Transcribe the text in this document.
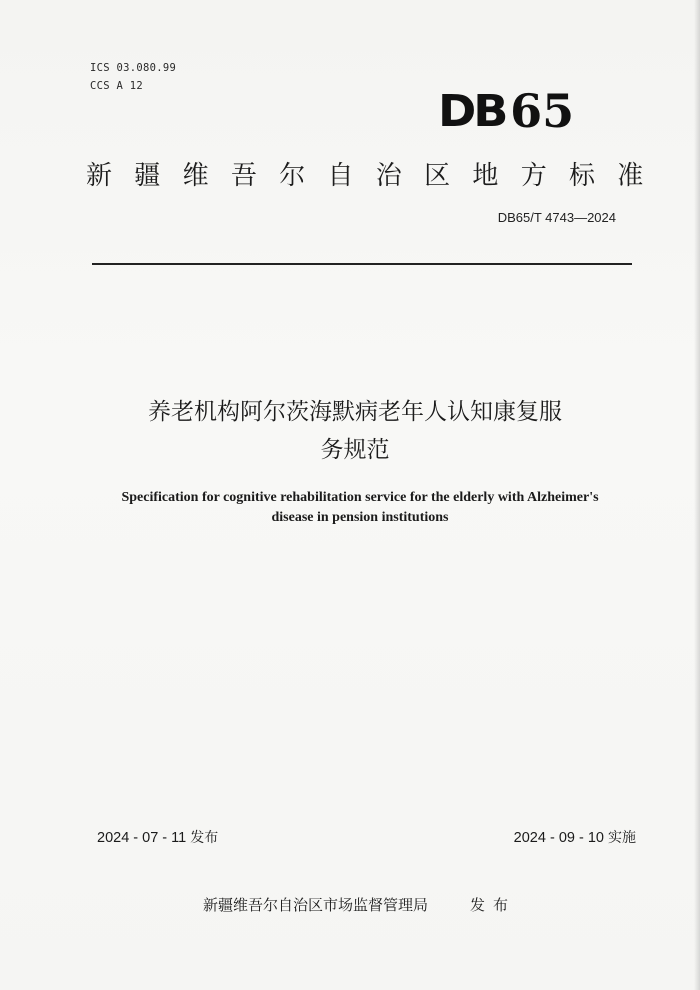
ICS 03.080.99
CCS A 12	DB 65
新疆维吾尔自治区地方标准
DB65/T 4743—2024
养老机构阿尔茨海默病老年人认知康复服
务规范
Specification for cognitive rehabilitation service for the elderly with Alzheimer's
disease in pension institutions
2024 - 07 - 11 发布	2024 - 09 - 10 实施
新疆维吾尔自治区市场监督管理局	发布
